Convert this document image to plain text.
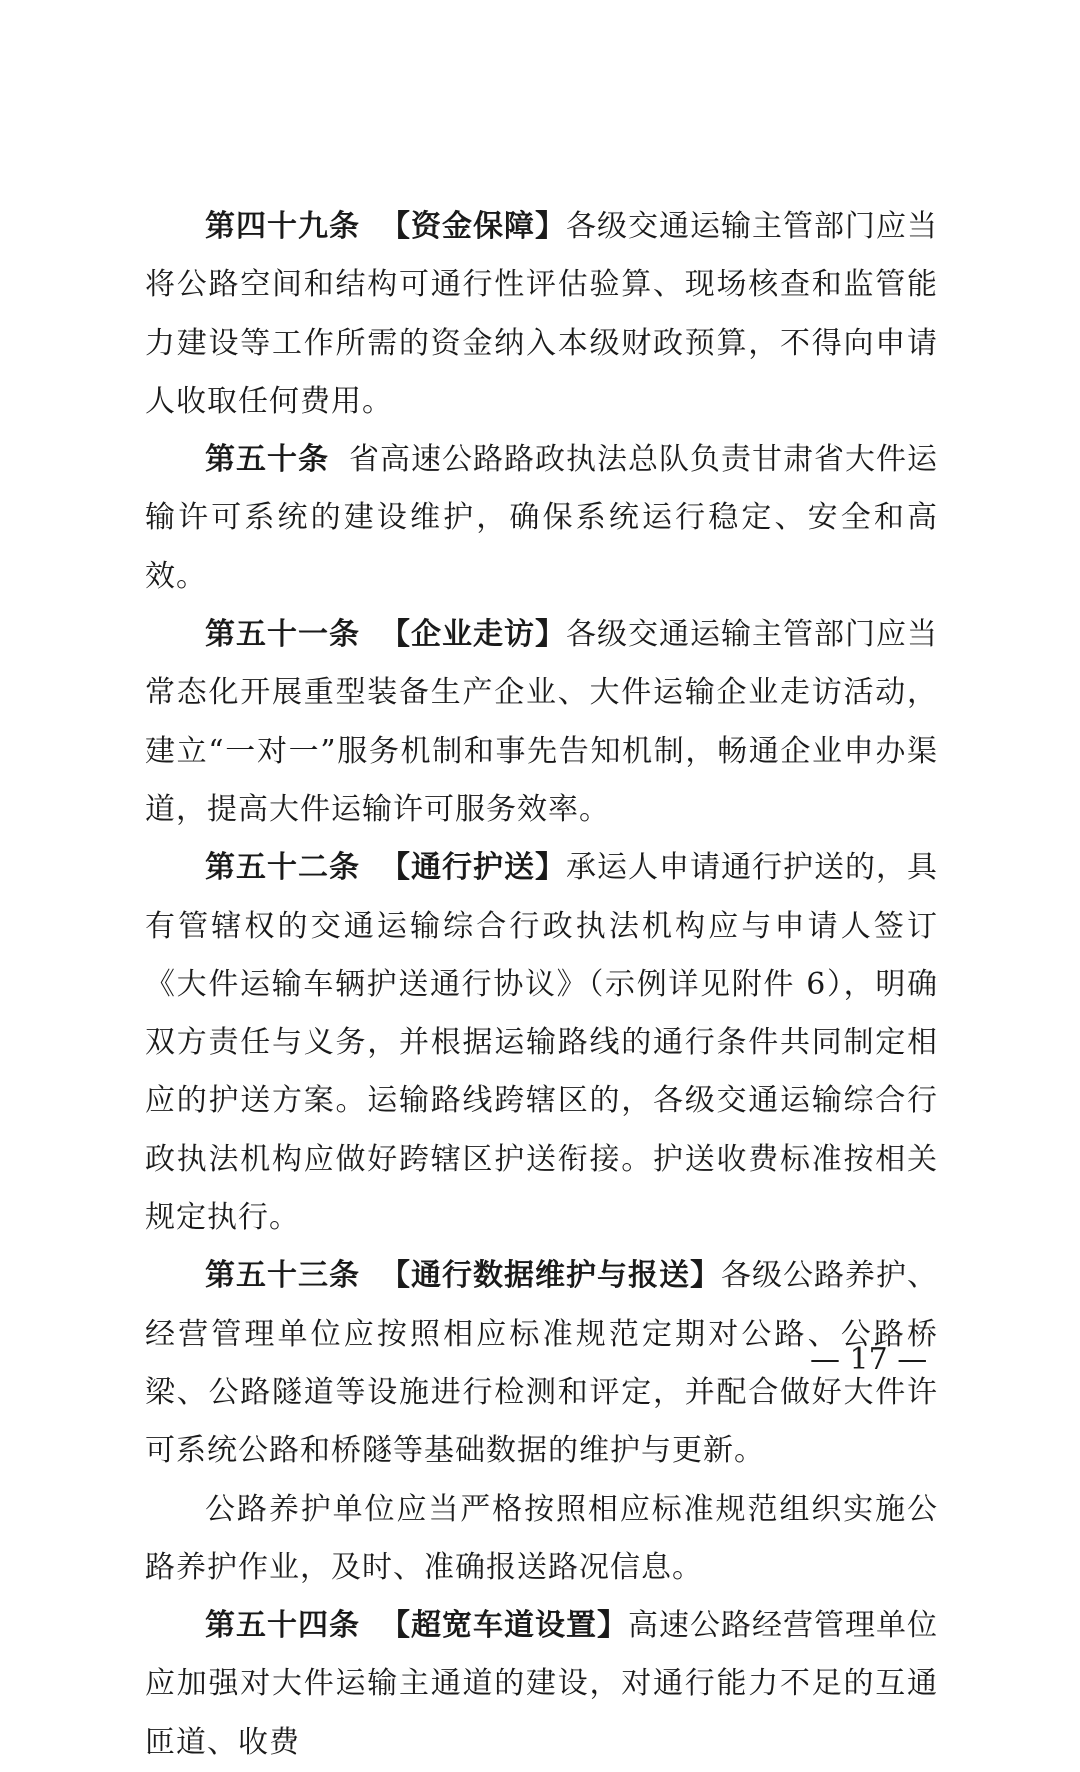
第四十九条 【资金保障】各级交通运输主管部门应当将公路空间和结构可通行性评估验算、现场核查和监管能力建设等工作所需的资金纳入本级财政预算，不得向申请人收取任何费用。

第五十条 省高速公路路政执法总队负责甘肃省大件运输许可系统的建设维护，确保系统运行稳定、安全和高效。

第五十一条 【企业走访】各级交通运输主管部门应当常态化开展重型装备生产企业、大件运输企业走访活动，建立“一对一”服务机制和事先告知机制，畅通企业申办渠道，提高大件运输许可服务效率。

第五十二条 【通行护送】承运人申请通行护送的，具有管辖权的交通运输综合行政执法机构应与申请人签订《大件运输车辆护送通行协议》（示例详见附件 6），明确双方责任与义务，并根据运输路线的通行条件共同制定相应的护送方案。运输路线跨辖区的，各级交通运输综合行政执法机构应做好跨辖区护送衔接。护送收费标准按相关规定执行。

第五十三条 【通行数据维护与报送】各级公路养护、经营管理单位应按照相应标准规范定期对公路、公路桥梁、公路隧道等设施进行检测和评定，并配合做好大件许可系统公路和桥隧等基础数据的维护与更新。

公路养护单位应当严格按照相应标准规范组织实施公路养护作业，及时、准确报送路况信息。

第五十四条 【超宽车道设置】高速公路经营管理单位应加强对大件运输主通道的建设，对通行能力不足的互通匝道、收费

— 17 —
